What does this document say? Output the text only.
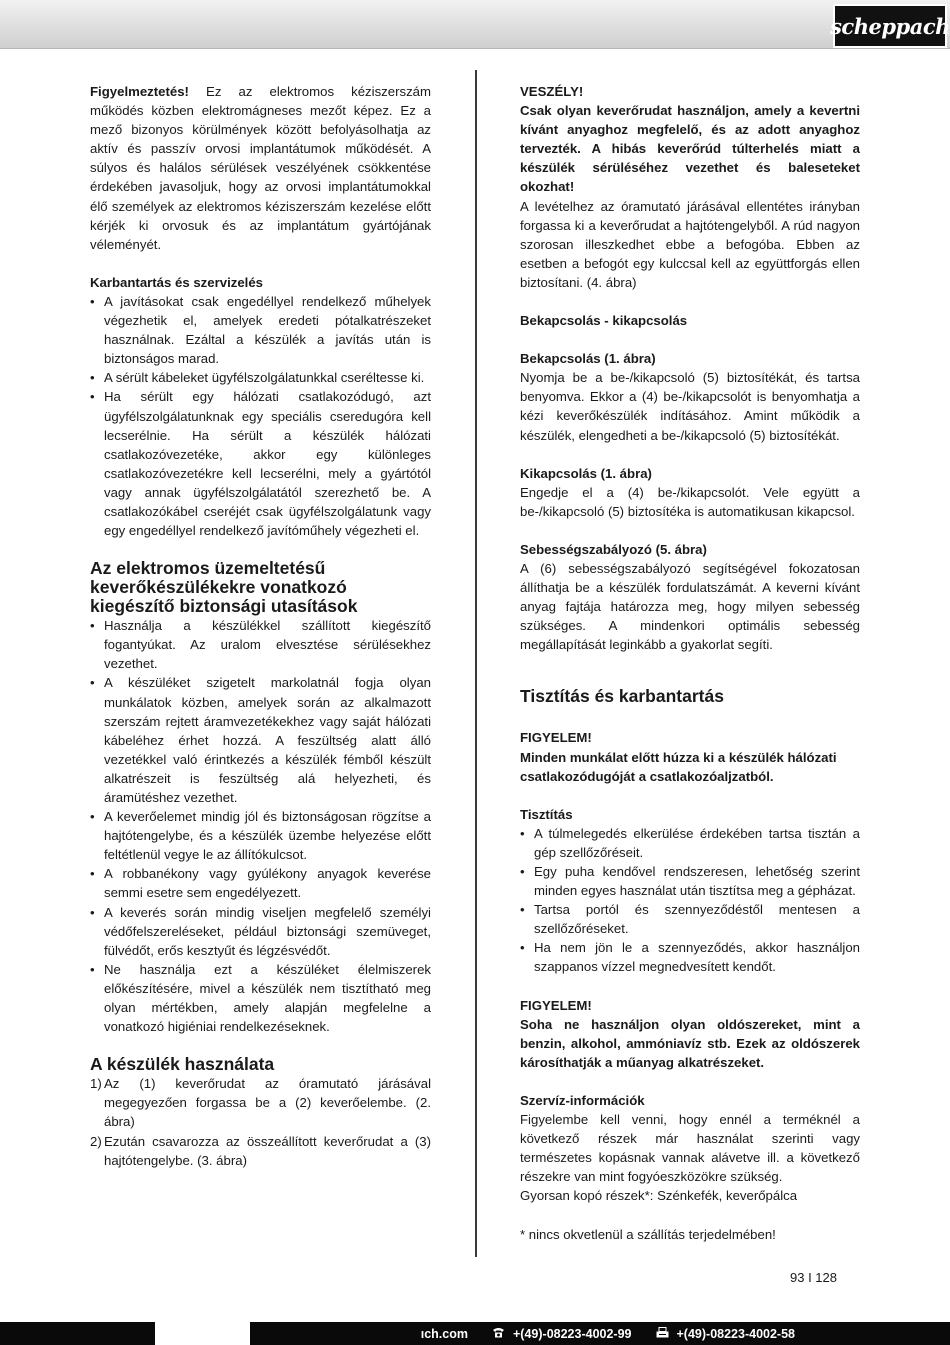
scheppach

Figyelmeztetés! Ez az elektromos kéziszerszám működés közben elektromágneses mezőt képez. Ez a mező bizonyos körülmények között befolyásolhatja az aktív és passzív orvosi implantátumok működését. A súlyos és halálos sérülések veszélyének csökkentése érdekében javasoljuk, hogy az orvosi implantátumokkal élő személyek az elektromos kéziszerszám kezelése előtt kérjék ki orvosuk és az implantátum gyártójának véleményét.

Karbantartás és szervizelés

• A javításokat csak engedéllyel rendelkező műhelyek végezhetik el, amelyek eredeti pótalkatrészeket használnak. Ezáltal a készülék a javítás után is biztonságos marad.
• A sérült kábeleket ügyfélszolgálatunkkal cseréltesse ki.
• Ha sérült egy hálózati csatlakozódugó, azt ügyfélszolgálatunknak egy speciális cseredugóra kell lecserélnie. Ha sérült a készülék hálózati csatlakozóvezetéke, akkor egy különleges csatlakozóvezetékre kell lecserélni, mely a gyártótól vagy annak ügyfélszolgálatától szerezhető be. A csatlakozókábel cseréjét csak ügyfélszolgálatunk vagy egy engedéllyel rendelkező javítóműhely végezheti el.
Az elektromos üzemeltetésű keverőkészülékekre vonatkozó kiegészítő biztonsági utasítások
• Használja a készülékkel szállított kiegészítő fogantyúkat. Az uralom elvesztése sérülésekhez vezethet.
• A készüléket szigetelt markolatnál fogja olyan munkálatok közben, amelyek során az alkalmazott szerszám rejtett áramvezetékekhez vagy saját hálózati kábeléhez érhet hozzá. A feszültség alatt álló vezetékkel való érintkezés a készülék fémből készült alkatrészeit is feszültség alá helyezheti, és áramütéshez vezethet.
• A keverőelemet mindig jól és biztonságosan rögzítse a hajtótengelybe, és a készülék üzembe helyezése előtt feltétlenül vegye le az állítókulcsot.
• A robbanékony vagy gyúlékony anyagok keverése semmi esetre sem engedélyezett.
• A keverés során mindig viseljen megfelelő személyi védőfelszereléseket, például biztonsági szemüveget, fülvédőt, erős kesztyűt és légzésvédőt.
• Ne használja ezt a készüléket élelmiszerek előkészítésére, mivel a készülék nem tisztítható meg olyan mértékben, amely alapján megfelelne a vonatkozó higiéniai rendelkezéseknek.
A készülék használata
1) Az (1) keverőrudat az óramutató járásával megegyezően forgassa be a (2) keverőelembe. (2. ábra)
2) Ezután csavarozza az összeállított keverőrudat a (3) hajtótengelybe. (3. ábra)

VESZÉLY!

Csak olyan keverőrudat használjon, amely a kevertni kívánt anyaghoz megfelelő, és az adott anyaghoz tervezték. A hibás keverőrúd túlterhelés miatt a készülék sérüléséhez vezethet és baleseteket okozhat!

A levételhez az óramutató járásával ellentétes irányban forgassa ki a keverőrudat a hajtótengelyből. A rúd nagyon szorosan illeszkedhet ebbe a befogóba. Ebben az esetben a befogót egy kulccsal kell az együttforgás ellen biztosítani. (4. ábra)

Bekapcsolás - kikapcsolás

Bekapcsolás (1. ábra)

Nyomja be a be-/kikapcsoló (5) biztosítékát, és tartsa benyomva. Ekkor a (4) be-/kikapcsolót is benyomhatja a kézi keverőkészülék indításához. Amint működik a készülék, elengedheti a be-/kikapcsoló (5) biztosítékát.

Kikapcsolás (1. ábra)

Engedje el a (4) be-/kikapcsolót. Vele együtt a be-/kikapcsoló (5) biztosítéka is automatikusan kikapcsol.

Sebességszabályozó (5. ábra)

A (6) sebességszabályozó segítségével fokozatosan állíthatja be a készülék fordulatszámát. A keverni kívánt anyag fajtája határozza meg, hogy milyen sebesség szükséges. A mindenkori optimális sebesség megállapítását leginkább a gyakorlat segíti.

Tisztítás és karbantartás

FIGYELEM!

Minden munkálat előtt húzza ki a készülék hálózati csatlakozódugóját a csatlakozóaljzatból.

Tisztítás

• A túlmelegedés elkerülése érdekében tartsa tisztán a gép szellőzőréseit.
• Egy puha kendővel rendszeresen, lehetőség szerint minden egyes használat után tisztítsa meg a géрházat.
• Tartsa portól és szennyeződéstől mentesen a szellőzőréseket.
• Ha nem jön le a szennyeződés, akkor használjon szappanos vízzel megnedvesített kendőt.

FIGYELEM!

Soha ne használjon olyan oldószereket, mint a benzin, alkohol, ammóniavíz stb. Ezek az oldószerek károsíthatják a műanyag alkatrészeket.

Szervíz-információk

Figyelembe kell venni, hogy ennél a terméknél a következő részek már használat szerinti vagy természetes kopásnak vannak alávetve ill. a következő részekre van mint fogyóeszközökre szükség.

Gyorsan kopó részek*: Szénkefék, keverőpálca

* nincs okvetlenül a szállítás terjedelmében!

93 I 128
ıch.com	+(49)-08223-4002-99	+(49)-08223-4002-58
